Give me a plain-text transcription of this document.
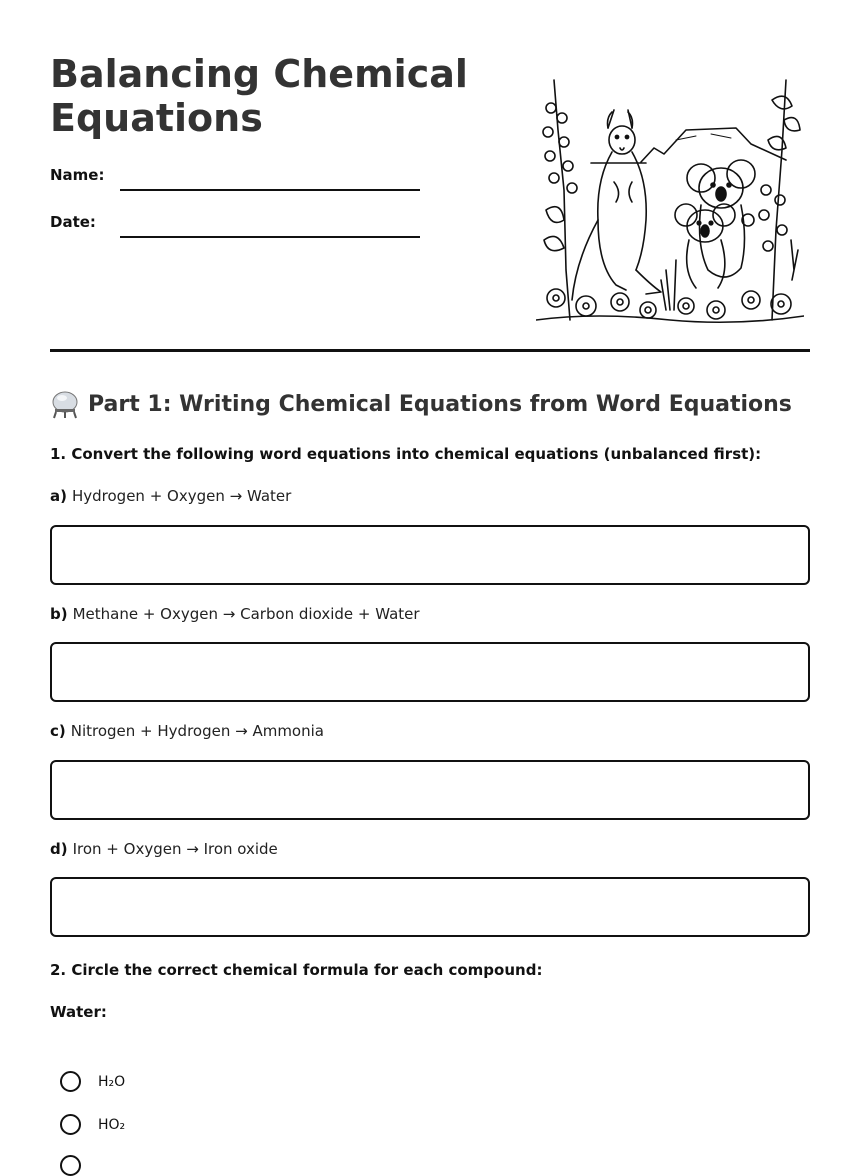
Balancing Chemical Equations
Name:
Date:
Part 1: Writing Chemical Equations from Word Equations
1. Convert the following word equations into chemical equations (unbalanced first):
a) Hydrogen + Oxygen → Water
b) Methane + Oxygen → Carbon dioxide + Water
c) Nitrogen + Hydrogen → Ammonia
d) Iron + Oxygen → Iron oxide
2. Circle the correct chemical formula for each compound:
Water:
H₂O
HO₂
